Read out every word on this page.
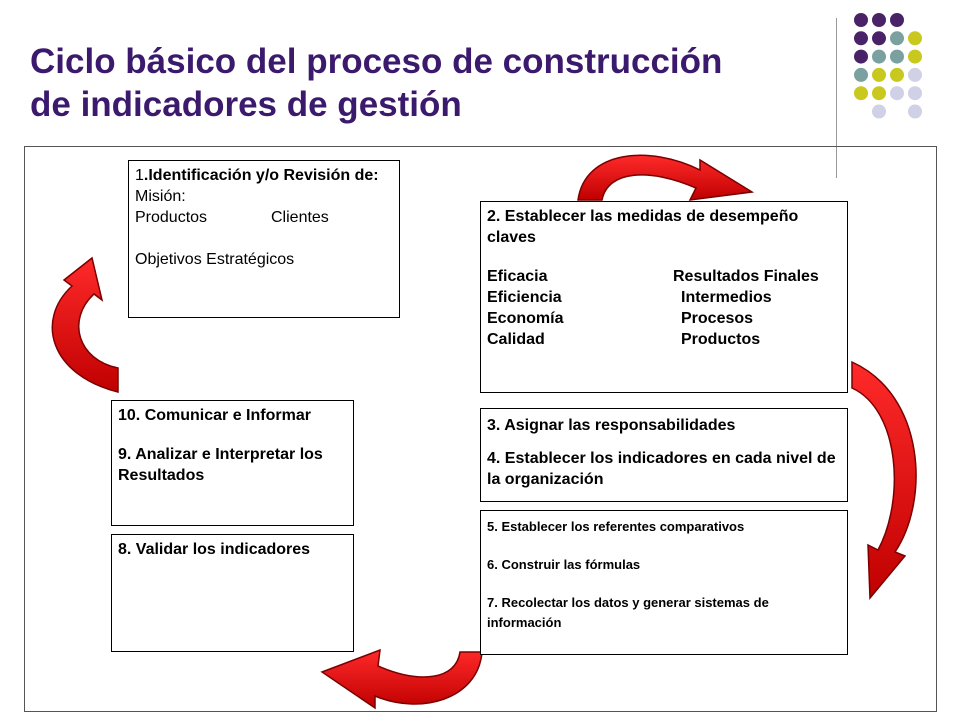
Ciclo básico del proceso de construcción
de indicadores de gestión
1.Identificación y/o Revisión de:
Misión:
Productos	Clientes
Objetivos Estratégicos
2. Establecer las medidas de desempeño claves
Eficacia	Resultados Finales
Eficiencia	Intermedios
Economía	Procesos
Calidad	Productos
3. Asignar las responsabilidades
4. Establecer los indicadores en cada nivel de la organización
5. Establecer los referentes comparativos
6. Construir las fórmulas
7. Recolectar los datos y generar sistemas de información
10. Comunicar e Informar
9. Analizar e Interpretar los Resultados
8. Validar los indicadores
